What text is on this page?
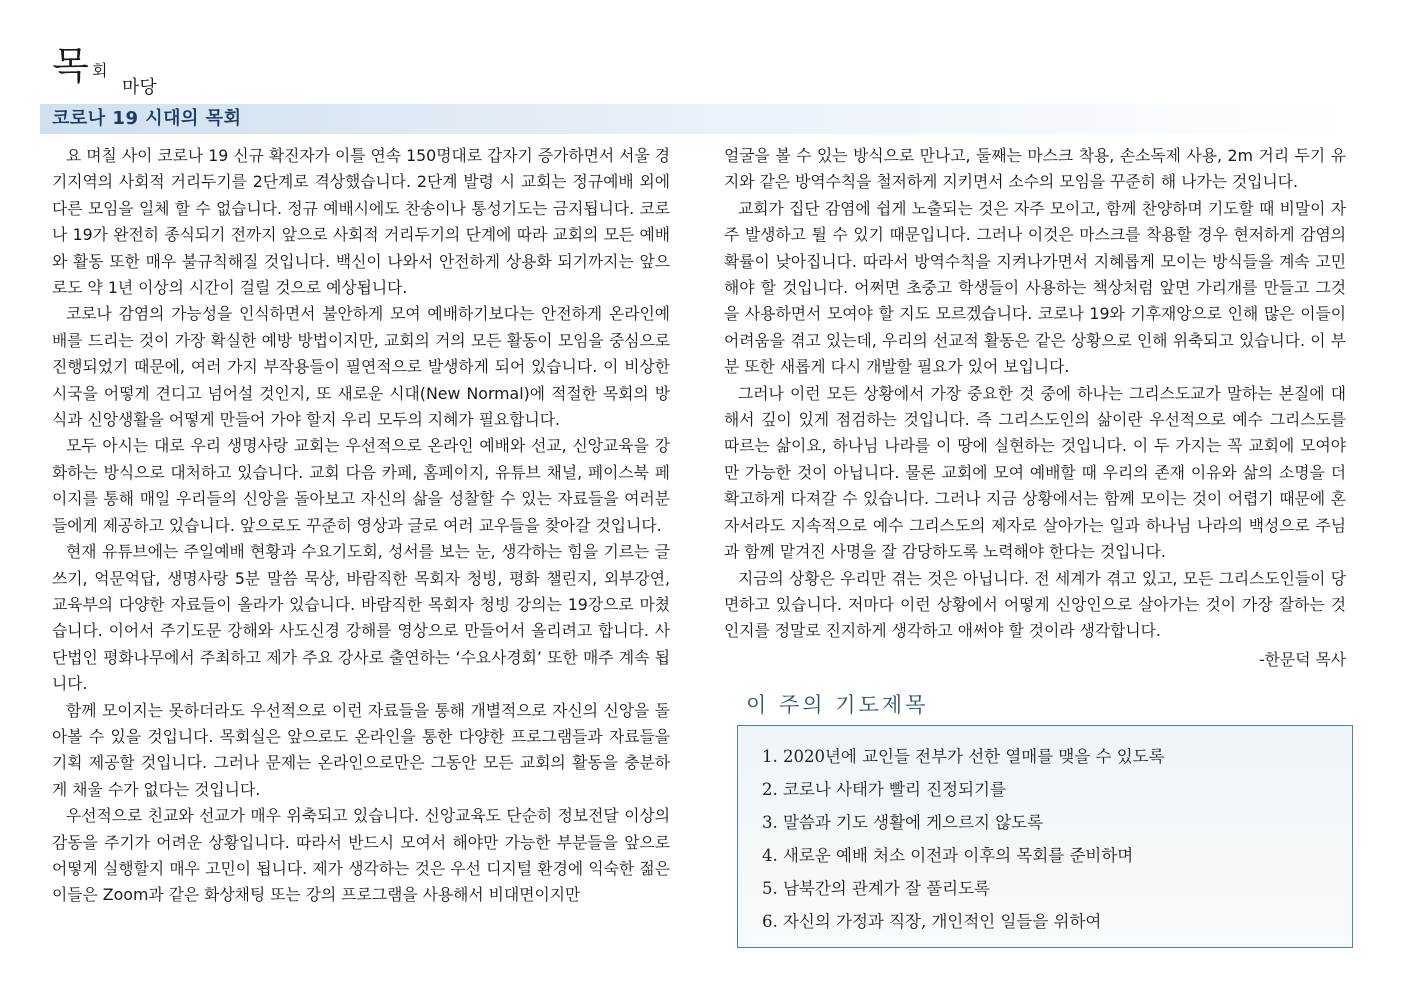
목 회
마당
코로나 19 시대의 목회

요 며칠 사이 코로나 19 신규 확진자가 이틀 연속 150명대로 갑자기 증가하면서 서울 경기지역의 사회적 거리두기를 2단계로 격상했습니다. 2단계 발령 시 교회는 정규예배 외에 다른 모임을 일체 할 수 없습니다. 정규 예배시에도 찬송이나 통성기도는 금지됩니다. 코로나 19가 완전히 종식되기 전까지 앞으로 사회적 거리두기의 단계에 따라 교회의 모든 예배와 활동 또한 매우 불규칙해질 것입니다. 백신이 나와서 안전하게 상용화 되기까지는 앞으로도 약 1년 이상의 시간이 걸릴 것으로 예상됩니다.

코로나 감염의 가능성을 인식하면서 불안하게 모여 예배하기보다는 안전하게 온라인예배를 드리는 것이 가장 확실한 예방 방법이지만, 교회의 거의 모든 활동이 모임을 중심으로 진행되었기 때문에, 여러 가지 부작용들이 필연적으로 발생하게 되어 있습니다. 이 비상한 시국을 어떻게 견디고 넘어설 것인지, 또 새로운 시대(New Normal)에 적절한 목회의 방식과 신앙생활을 어떻게 만들어 가야 할지 우리 모두의 지혜가 필요합니다.

모두 아시는 대로 우리 생명사랑 교회는 우선적으로 온라인 예배와 선교, 신앙교육을 강화하는 방식으로 대처하고 있습니다. 교회 다음 카페, 홈페이지, 유튜브 채널, 페이스북 페이지를 통해 매일 우리들의 신앙을 돌아보고 자신의 삶을 성찰할 수 있는 자료들을 여러분들에게 제공하고 있습니다. 앞으로도 꾸준히 영상과 글로 여러 교우들을 찾아갈 것입니다.

현재 유튜브에는 주일예배 현황과 수요기도회, 성서를 보는 눈, 생각하는 힘을 기르는 글쓰기, 억문억답, 생명사랑 5분 말씀 묵상, 바람직한 목회자 청빙, 평화 챌린지, 외부강연, 교육부의 다양한 자료들이 올라가 있습니다. 바람직한 목회자 청빙 강의는 19강으로 마쳤습니다. 이어서 주기도문 강해와 사도신경 강해를 영상으로 만들어서 올리려고 합니다. 사단법인 평화나무에서 주최하고 제가 주요 강사로 출연하는 ‘수요사경회’ 또한 매주 계속 됩니다.

함께 모이지는 못하더라도 우선적으로 이런 자료들을 통해 개별적으로 자신의 신앙을 돌아볼 수 있을 것입니다. 목회실은 앞으로도 온라인을 통한 다양한 프로그램들과 자료들을 기획 제공할 것입니다. 그러나 문제는 온라인으로만은 그동안 모든 교회의 활동을 충분하게 채울 수가 없다는 것입니다.

우선적으로 친교와 선교가 매우 위축되고 있습니다. 신앙교육도 단순히 정보전달 이상의 감동을 주기가 어려운 상황입니다. 따라서 반드시 모여서 해야만 가능한 부분들을 앞으로 어떻게 실행할지 매우 고민이 됩니다. 제가 생각하는 것은 우선 디지털 환경에 익숙한 젊은 이들은 Zoom과 같은 화상채팅 또는 강의 프로그램을 사용해서 비대면이지만

얼굴을 볼 수 있는 방식으로 만나고, 둘째는 마스크 착용, 손소독제 사용, 2m 거리 두기 유지와 같은 방역수칙을 철저하게 지키면서 소수의 모임을 꾸준히 해 나가는 것입니다.

교회가 집단 감염에 쉽게 노출되는 것은 자주 모이고, 함께 찬양하며 기도할 때 비말이 자주 발생하고 튈 수 있기 때문입니다. 그러나 이것은 마스크를 착용할 경우 현저하게 감염의 확률이 낮아집니다. 따라서 방역수칙을 지켜나가면서 지혜롭게 모이는 방식들을 계속 고민해야 할 것입니다. 어쩌면 초중고 학생들이 사용하는 책상처럼 앞면 가리개를 만들고 그것을 사용하면서 모여야 할 지도 모르겠습니다. 코로나 19와 기후재앙으로 인해 많은 이들이 어려움을 겪고 있는데, 우리의 선교적 활동은 같은 상황으로 인해 위축되고 있습니다. 이 부분 또한 새롭게 다시 개발할 필요가 있어 보입니다.

그러나 이런 모든 상황에서 가장 중요한 것 중에 하나는 그리스도교가 말하는 본질에 대해서 깊이 있게 점검하는 것입니다. 즉 그리스도인의 삶이란 우선적으로 예수 그리스도를 따르는 삶이요, 하나님 나라를 이 땅에 실현하는 것입니다. 이 두 가지는 꼭 교회에 모여야만 가능한 것이 아닙니다. 물론 교회에 모여 예배할 때 우리의 존재 이유와 삶의 소명을 더 확고하게 다져갈 수 있습니다. 그러나 지금 상황에서는 함께 모이는 것이 어렵기 때문에 혼자서라도 지속적으로 예수 그리스도의 제자로 살아가는 일과 하나님 나라의 백성으로 주님과 함께 맡겨진 사명을 잘 감당하도록 노력해야 한다는 것입니다.

지금의 상황은 우리만 겪는 것은 아닙니다. 전 세계가 겪고 있고, 모든 그리스도인들이 당면하고 있습니다. 저마다 이런 상황에서 어떻게 신앙인으로 살아가는 것이 가장 잘하는 것인지를 정말로 진지하게 생각하고 애써야 할 것이라 생각합니다.

-한문덕 목사
이 주의 기도제목
1. 2020년에 교인들 전부가 선한 열매를 맺을 수 있도록
2. 코로나 사태가 빨리 진정되기를
3. 말씀과 기도 생활에 게으르지 않도록
4. 새로운 예배 처소 이전과 이후의 목회를 준비하며
5. 남북간의 관계가 잘 풀리도록
6. 자신의 가정과 직장, 개인적인 일들을 위하여
